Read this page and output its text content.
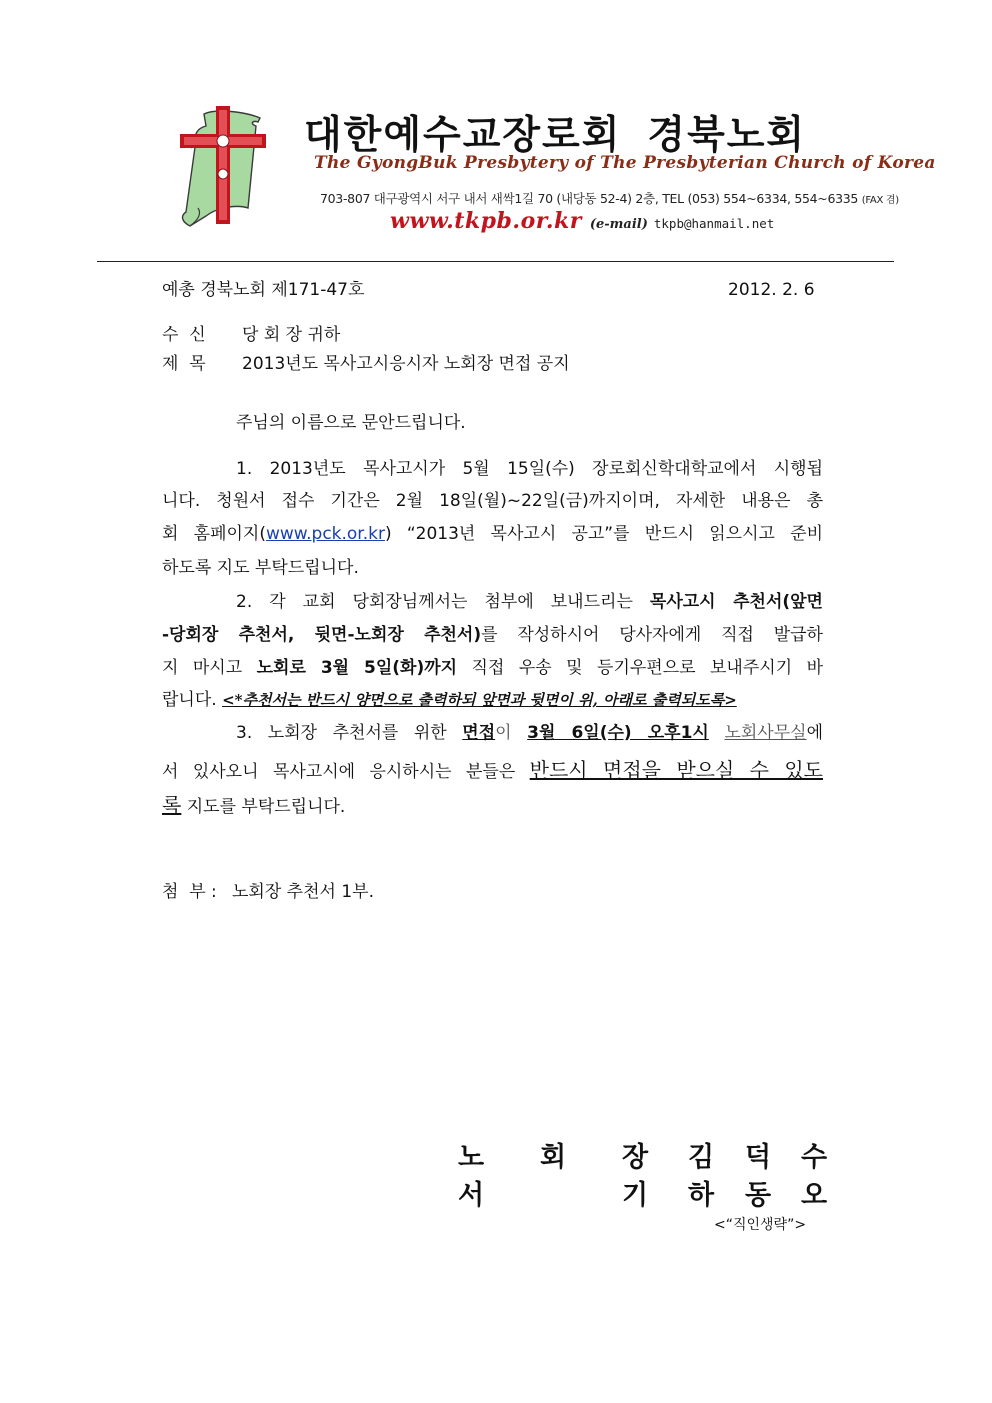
대한예수교장로회 경북노회
The GyongBuk Presbytery of The Presbyterian Church of Korea
703-807 대구광역시 서구 내서 새싹1길 70 (내당동 52-4) 2층, TEL (053) 554~6334, 554~6335 (FAX 겸)
www.tkpb.or.kr (e-mail) tkpb@hanmail.net
예총 경북노회 제171-47호	2012. 2. 6
수  신 당 회 장 귀하
제  목 2013년도 목사고시응시자 노회장 면접 공지
주님의 이름으로 문안드립니다.
1. 2013년도 목사고시가 5월 15일(수) 장로회신학대학교에서 시행됩
니다. 청원서 접수 기간은 2월 18일(월)~22일(금)까지이며, 자세한 내용은 총
회 홈페이지(www.pck.or.kr) “2013년 목사고시 공고”를 반드시 읽으시고 준비
하도록 지도 부탁드립니다.
2. 각 교회 당회장님께서는 첨부에 보내드리는 목사고시 추천서(앞면
-당회장 추천서, 뒷면-노회장 추천서)를 작성하시어 당사자에게 직접 발급하
지 마시고 노회로 3월 5일(화)까지 직접 우송 및 등기우편으로 보내주시기 바
랍니다. <*추천서는 반드시 양면으로 출력하되 앞면과 뒷면이 위, 아래로 출력되도록>
3. 노회장 추천서를 위한 면접이 3월 6일(수) 오후1시 노회사무실에
서 있사오니 목사고시에 응시하시는 분들은 반드시 면접을 받으실 수 있도
록 지도를 부탁드립니다.
첨  부 : 노회장 추천서 1부.
노 회 장 김 덕 수
서	기 하 동 오
<“직인생략”>
